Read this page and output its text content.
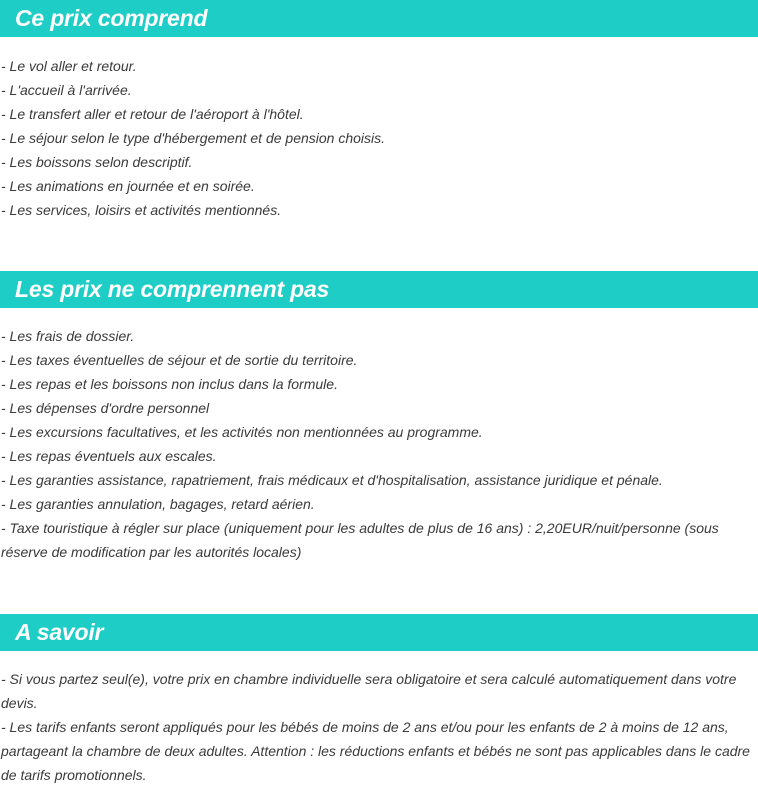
Ce prix comprend
- Le vol aller et retour.
- L'accueil à l'arrivée.
- Le transfert aller et retour de l'aéroport à l'hôtel.
- Le séjour selon le type d'hébergement et de pension choisis.
- Les boissons selon descriptif.
- Les animations en journée et en soirée.
- Les services, loisirs et activités mentionnés.
Les prix ne comprennent pas
- Les frais de dossier.
- Les taxes éventuelles de séjour et de sortie du territoire.
- Les repas et les boissons non inclus dans la formule.
- Les dépenses d'ordre personnel
- Les excursions facultatives, et les activités non mentionnées au programme.
- Les repas éventuels aux escales.
- Les garanties assistance, rapatriement, frais médicaux et d'hospitalisation, assistance juridique et pénale.
- Les garanties annulation, bagages, retard aérien.
- Taxe touristique à régler sur place (uniquement pour les adultes de plus de 16 ans) : 2,20EUR/nuit/personne (sous réserve de modification par les autorités locales)
A savoir
- Si vous partez seul(e), votre prix en chambre individuelle sera obligatoire et sera calculé automatiquement dans votre devis.
- Les tarifs enfants seront appliqués pour les bébés de moins de 2 ans et/ou pour les enfants de 2 à moins de 12 ans, partageant la chambre de deux adultes. Attention : les réductions enfants et bébés ne sont pas applicables dans le cadre de tarifs promotionnels.
